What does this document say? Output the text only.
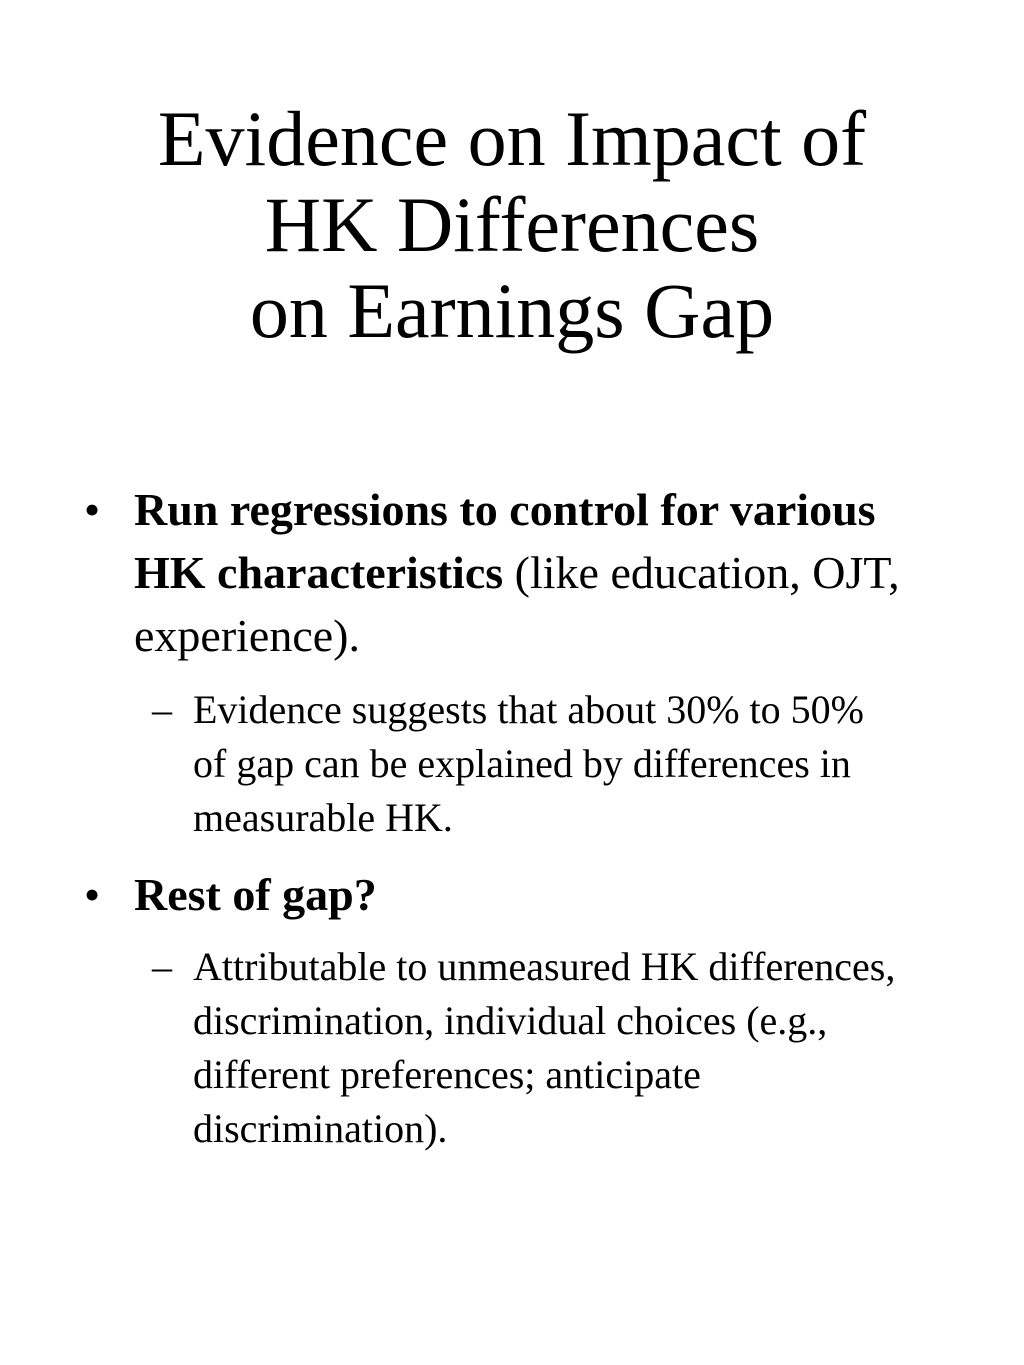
Evidence on Impact of
HK Differences
on Earnings Gap
• Run regressions to control for various HK characteristics (like education, OJT, experience).
– Evidence suggests that about 30% to 50% of gap can be explained by differences in measurable HK.
• Rest of gap?
– Attributable to unmeasured HK differences, discrimination, individual choices (e.g., different preferences; anticipate discrimination).
